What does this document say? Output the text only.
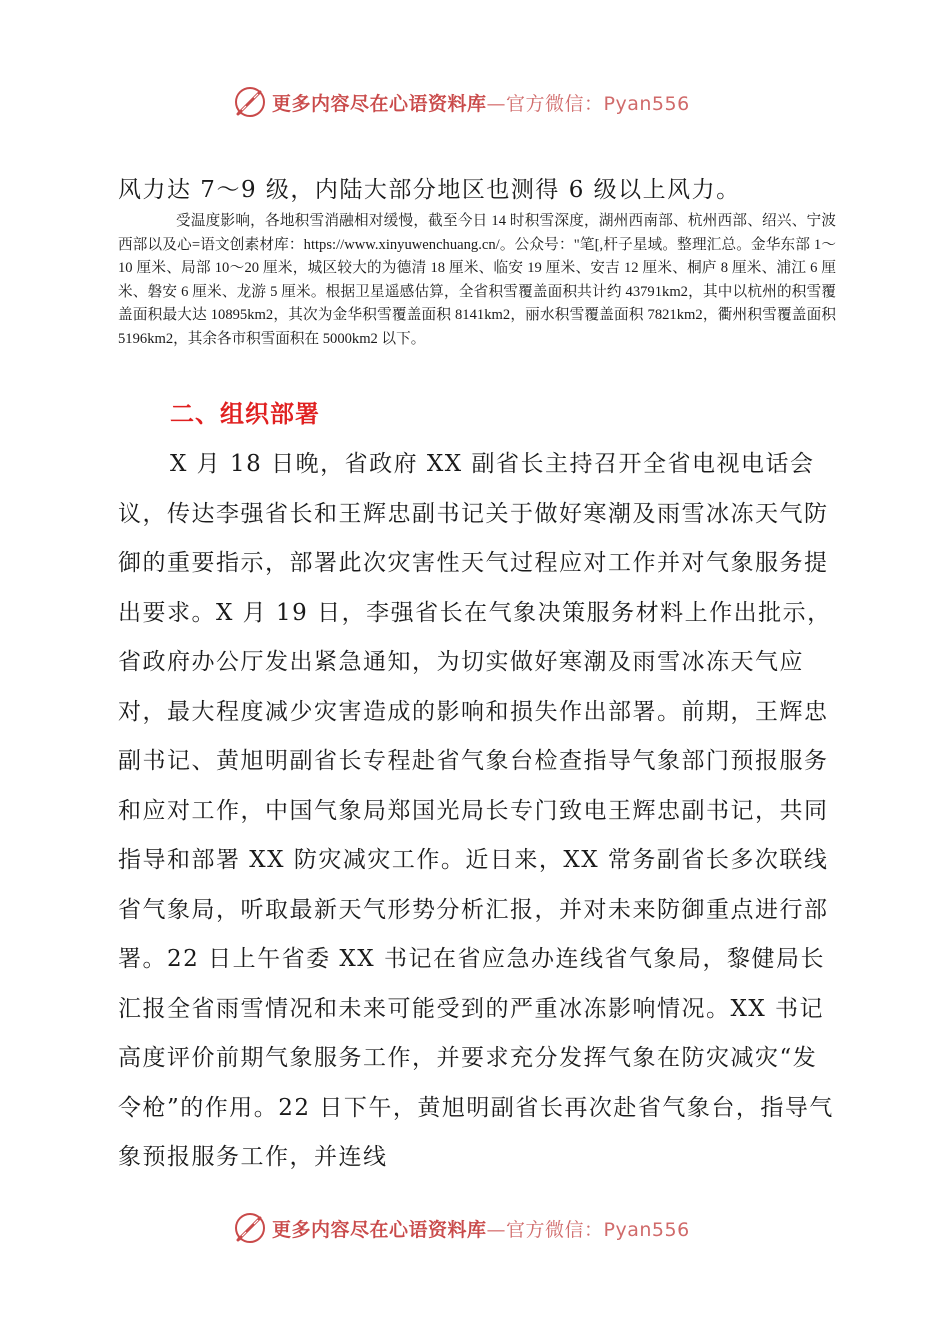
更多内容尽在心语资料库—官方微信：Pyan556

风力达 7～9 级，内陆大部分地区也测得 6 级以上风力。

受温度影响，各地积雪消融相对缓慢，截至今日 14 时积雪深度，湖州西南部、杭州西部、绍兴、宁波西部以及心=语文创素材库：https://www.xinyuwenchuang.cn/。公众号："笔[,杆子星域。整理汇总。金华东部 1～10 厘米、局部 10～20 厘米，城区较大的为德清 18 厘米、临安 19 厘米、安吉 12 厘米、桐庐 8 厘米、浦江 6 厘米、磐安 6 厘米、龙游 5 厘米。根据卫星遥感估算，全省积雪覆盖面积共计约 43791km2，其中以杭州的积雪覆盖面积最大达 10895km2，其次为金华积雪覆盖面积 8141km2，丽水积雪覆盖面积 7821km2，衢州积雪覆盖面积 5196km2，其余各市积雪面积在 5000km2 以下。

二、组织部署

X 月 18 日晚，省政府 XX 副省长主持召开全省电视电话会议，传达李强省长和王辉忠副书记关于做好寒潮及雨雪冰冻天气防御的重要指示，部署此次灾害性天气过程应对工作并对气象服务提出要求。X 月 19 日，李强省长在气象决策服务材料上作出批示，省政府办公厅发出紧急通知，为切实做好寒潮及雨雪冰冻天气应对，最大程度减少灾害造成的影响和损失作出部署。前期，王辉忠副书记、黄旭明副省长专程赴省气象台检查指导气象部门预报服务和应对工作，中国气象局郑国光局长专门致电王辉忠副书记，共同指导和部署 XX 防灾减灾工作。近日来，XX 常务副省长多次联线省气象局，听取最新天气形势分析汇报，并对未来防御重点进行部署。22 日上午省委 XX 书记在省应急办连线省气象局，黎健局长汇报全省雨雪情况和未来可能受到的严重冰冻影响情况。XX 书记高度评价前期气象服务工作，并要求充分发挥气象在防灾减灾“发令枪”的作用。22 日下午，黄旭明副省长再次赴省气象台，指导气象预报服务工作，并连线

更多内容尽在心语资料库—官方微信：Pyan556
